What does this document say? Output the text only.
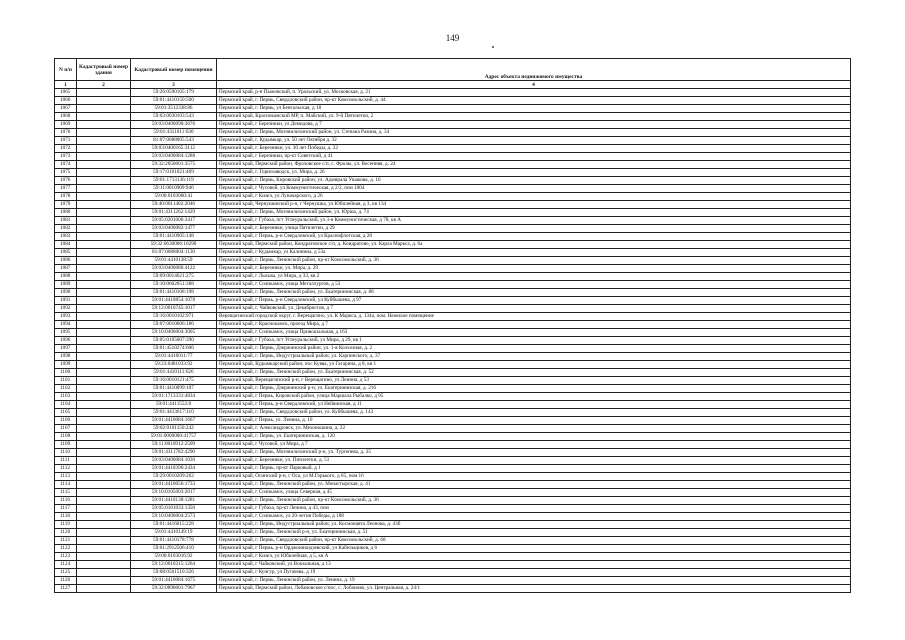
149
N п/п	Кадастровый номер здания	Кадастровый номер помещения	Адрес объекта недвижимого имущества
1	2	3	4
1065		59:26:0590105:179	Пермский край, р-н Пыжовский, п. Уральский, ул. Московская, д. 21
1066		59:01:4410150:500	Пермский край, г. Пермь, Свердловский район, пр-кт Комсомольский, д. 44
1067		59:01:3512338:86	Пермский край, г. Пермь, ул Бенгальская, д 18
1068		59:03:0030103:543	Пермский край, Краснокамский МР, п. Майский, ул. 9-й Пятилетки, 2
1069		59:03:0400090:3676	Пермский край, г Березники, ул Демидова, д 7
1070		59:01:4311011:630	Пермский край, г. Пермь, Мотовилихинский район, ул. Степана Разина, д. 34
1071		81:07:0088005:543	Пермский край, г. Кудымкар, ул. 50 лет Октября д. 32
1072		59:03:0400165:3112	Пермский край, г. Березники, ул. 30 лет Победы, д. 22
1073		59:03:0400084:1288	Пермский край, г Березники, пр-кт Советский, д 41
1074		59:32:2050001:3575	Пермский край, Пермский район, Фроловское с/п, с. Фролы, ул. Весенняя, д. 24
1075		59:17:0101021:409	Пермский край, г. Горнозаводск, ул. Мира, д. 26
1076		59:01:1713136:119	Пермский край, г. Пермь, Кировский район, ул. Адмирала Ушакова, д. 16
1077		59:11:0010909:946	Пермский край, г Чусовой, ул Коммунистическая, д 2/2, пом 1004
1078		59:06:0103060:41	Пермский край, г Кизел, ул Луначарского, д 26
1079		59:40:0011402:2046	Пермский край, Чернушинский р-н, г Чернушка, ул Юбилейная, д 3, кв 134
1080		59:01:4311262:1429	Пермский край, г. Пермь, Мотовилихинский район, ул. Юрша, д. 74
1081		59:05:0201006:3417	Пермский край, г Губаха, пгт Углеуральский, ул 3-я Коммунистическая, д 78, кв А
1082		59:03:0400082:1477	Пермский край, г. Березники, улица Пятилетки, д 29
1083		59:01:4410905:148	Пермский край, г Пермь, р-н Свердловский, ул Краснофлотская, д 28
1084		59:32:0630006:10290	Пермский край, Пермский район, Кондратовское с/п, д. Кондратово, ул. Карла Маркса, д. 6а
1085		81:07:0088004:1130	Пермский край, г Кудымкар, ул Калинина, д 53а
1086		59:01:4410138:59	Пермский край, г. Пермь, Ленинский район, пр-кт Комсомольский, д. 36
1087		59:03:0400086:4122	Пермский край, г. Березники, ул. Мира, д. 29
1088		59:09:0014621:275	Пермский край, г Лысьва, ул Мира, д 33, кв 2
1089		59:10:0602051:388	Пермский край, г Соликамск, улица Металлургов, д 53
1090		59:01:4410108:198	Пермский край, г. Пермь, Ленинский район, ул. Екатерининская, д. 88
1091		59:01:4410854:1078	Пермский край, г Пермь, р-н Свердловский, ул Куйбышева, д 97
1092		59:12:0010745:1017	Пермский край, г. Чайковский, ул. Декабристов, д 7
1093		59:16:0010102:971	Верещагинский городской округ, г. Верещагино, ул. К Маркса, д. 134а, пом. Нежилое помещение
1094		59:07:0010606:186	Пермский край, г Краснокамск, проезд Мира, д 7
1095		59:10:0406004:3005	Пермский край, г Соликамск, улица Привокзальная, д 163
1096		59:05:0105007:390	Пермский край, г Губаха, пгт Углеуральский, ул Мира, д 29, кв 1
1097		59:01:4510274:606	Пермский край, г. Пермь, Дзержинский район, ул. 1-я Колхозная, д. 2
1098		59:01:4416011:77	Пермский край, г. Пермь, Индустриальный район, ул. Карпинского, д. 37
1099		59:23:0481033:92	Пермский край, Кудымкарский район, пос Кувва, ул Гагарина, д 8, кв 1
1100		59:01:4410111:626	Пермский край, г. Пермь, Ленинский район, ул. Екатерининская, д. 52
1101		59:16:0010121:475	Пермский край, Верещагинский р-н, г Верещагино, ул Ленина, д 53
1102		59:01:4410099:107	Пермский край, г. Пермь, Дзержинский р-н, ул. Екатерининская, д. 216
1103		59:01:1713331:4834	Пермский край, г Пермь, Кировский район, улица Маршала Рыбалко, д 95
1104		59:01:4411552:8	Пермский край, г Пермь, р-н Свердловский, ул Нейвинская, д 11
1105		59:01:4413617:110	Пермский край, г. Пермь, Свердловский район, ул. Куйбышева, д. 143
1106		59:01:4410084:1667	Пермский край, г Пермь, ул. Ленина, д. 10
1107		59:02:0101150:242	Пермский край, г. Александровск, ул. Мехоношина, д. 22
1108		59:01:0000000:41757	Пермский край, г. Пермь, ул. Екатерининская, д. 120
1109		59:11:0010912:2509	Пермский край, г Чусовой, ул Мира, д 7
1110		59:01:4311782:4290	Пермский край, г. Пермь, Мотовилихинский р-н, ул. Тургенева, д. 35
1111		59:03:0400084:1030	Пермский край, г. Березники, ул. Пятилетки, д. 51
1112		59:01:4410396:2434	Пермский край, г. Пермь, пр-кт Парковый, д 1
1113		59:29:0010209:262	Пермский край, Осинский р-н, г Оса, ул М.Горького, д 65, пом 16
1114		59:01:4410056:1733	Пермский край, г. Пермь, Ленинский район, ул. Монастырская, д. 41
1115		59:10:0105003:2017	Пермский край, г Соликамск, улица Северная, д 45
1116		59:01:4410138:1281	Пермский край, г. Пермь, Ленинский район, пр-кт Комсомольский, д. 36
1117		59:05:0101033:1350	Пермский край, г Губаха, пр-кт Ленина, д 43, пом
1118		59:10:0406004:2573	Пермский край, г Соликамск, ул 20-летия Победы, д 188
1119		59:01:4416015:228	Пермский край, г. Пермь, Индустриальный район, ул. Космонавта Леонова, д. 43б
1120		59:01:4410149:19	Пермский край, г. Пермь, Ленинский р-н, ул. Екатерининская, д. 51
1121		59:01:4410178:778	Пермский край, г. Пермь, Свердловский район, пр-кт Комсомольский, д. 68
1122		59:01:2912506:410	Пермский край, г Пермь, р-н Орджоникидзевский, ул Кабельщиков, д 6
1123		59:06:0103016:92	Пермский край, г Кизел, ул Юбилейная, д 5, кв А
1124		59:12:0010315:1264	Пермский край, г Чайковский, ул Вокзальная, д 13
1125		59:08:0501510:326	Пермский край, г Кунгур, ул Пугачева, д 19
1126		59:01:4410084:1675	Пермский край, г. Пермь, Ленинский район, ул. Ленина, д. 19
1127		59:32:0890001:7967	Пермский край, Пермский район, Лобановское с/пос, с. Лобаново, ул. Центральная, д. 24/1
